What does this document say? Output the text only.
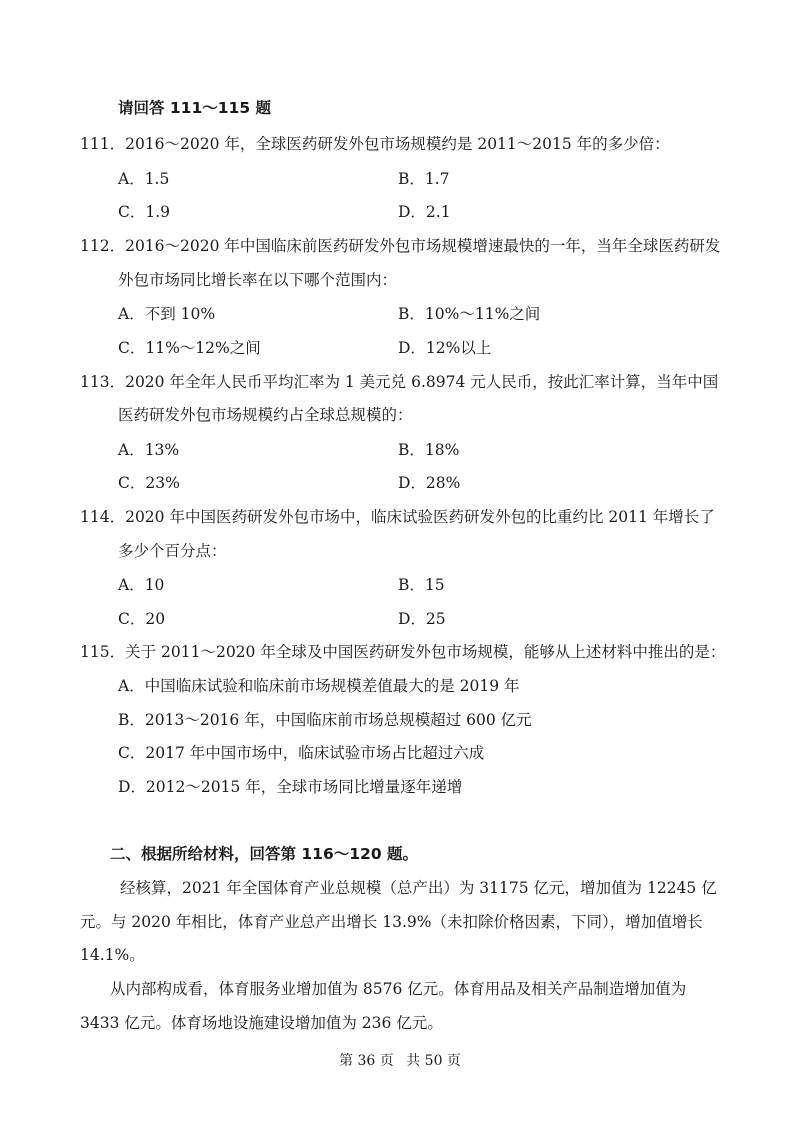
请回答 111～115 题
111．2016～2020 年，全球医药研发外包市场规模约是 2011～2015 年的多少倍：
A．1.5	B．1.7
C．1.9	D．2.1
112．2016～2020 年中国临床前医药研发外包市场规模增速最快的一年，当年全球医药研发
外包市场同比增长率在以下哪个范围内：
A．不到 10%	B．10%～11%之间
C．11%～12%之间	D．12%以上
113．2020 年全年人民币平均汇率为 1 美元兑 6.8974 元人民币，按此汇率计算，当年中国
医药研发外包市场规模约占全球总规模的：
A．13%	B．18%
C．23%	D．28%
114．2020 年中国医药研发外包市场中，临床试验医药研发外包的比重约比 2011 年增长了
多少个百分点：
A．10	B．15
C．20	D．25
115．关于 2011～2020 年全球及中国医药研发外包市场规模，能够从上述材料中推出的是：
A．中国临床试验和临床前市场规模差值最大的是 2019 年
B．2013～2016 年，中国临床前市场总规模超过 600 亿元
C．2017 年中国市场中，临床试验市场占比超过六成
D．2012～2015 年，全球市场同比增量逐年递增
二、根据所给材料，回答第 116～120 题。
经核算，2021 年全国体育产业总规模（总产出）为 31175 亿元，增加值为 12245 亿
元。与 2020 年相比，体育产业总产出增长 13.9%（未扣除价格因素，下同），增加值增长
14.1%。
从内部构成看，体育服务业增加值为 8576 亿元。体育用品及相关产品制造增加值为
3433 亿元。体育场地设施建设增加值为 236 亿元。
第 36 页 共 50 页
